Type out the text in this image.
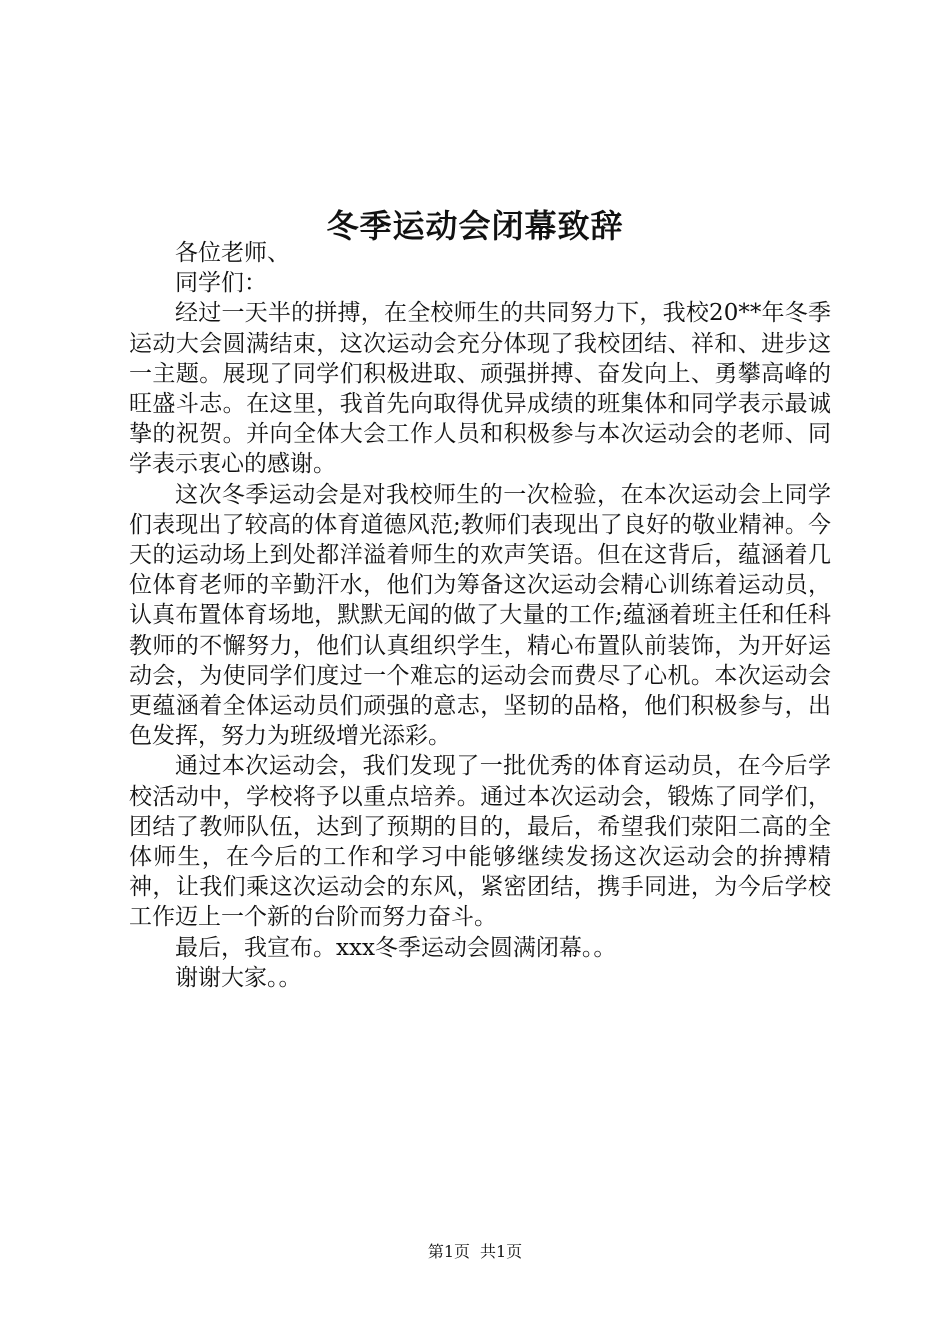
冬季运动会闭幕致辞

各位老师、

同学们：

经过一天半的拼搏，在全校师生的共同努力下，我校20**年冬季运动大会圆满结束，这次运动会充分体现了我校团结、祥和、进步这一主题。展现了同学们积极进取、顽强拼搏、奋发向上、勇攀高峰的旺盛斗志。在这里，我首先向取得优异成绩的班集体和同学表示最诚挚的祝贺。并向全体大会工作人员和积极参与本次运动会的老师、同学表示衷心的感谢。

这次冬季运动会是对我校师生的一次检验，在本次运动会上同学们表现出了较高的体育道德风范;教师们表现出了良好的敬业精神。今天的运动场上到处都洋溢着师生的欢声笑语。但在这背后，蕴涵着几位体育老师的辛勤汗水，他们为筹备这次运动会精心训练着运动员，认真布置体育场地，默默无闻的做了大量的工作;蕴涵着班主任和任科教师的不懈努力，他们认真组织学生，精心布置队前装饰，为开好运动会，为使同学们度过一个难忘的运动会而费尽了心机。本次运动会更蕴涵着全体运动员们顽强的意志，坚韧的品格，他们积极参与，出色发挥，努力为班级增光添彩。

通过本次运动会，我们发现了一批优秀的体育运动员，在今后学校活动中，学校将予以重点培养。通过本次运动会，锻炼了同学们，团结了教师队伍，达到了预期的目的，最后，希望我们荥阳二高的全体师生，在今后的工作和学习中能够继续发扬这次运动会的拚搏精神，让我们乘这次运动会的东风，紧密团结，携手同进，为今后学校工作迈上一个新的台阶而努力奋斗。

最后，我宣布。xxx冬季运动会圆满闭幕。。

谢谢大家。。

第1页 共1页
